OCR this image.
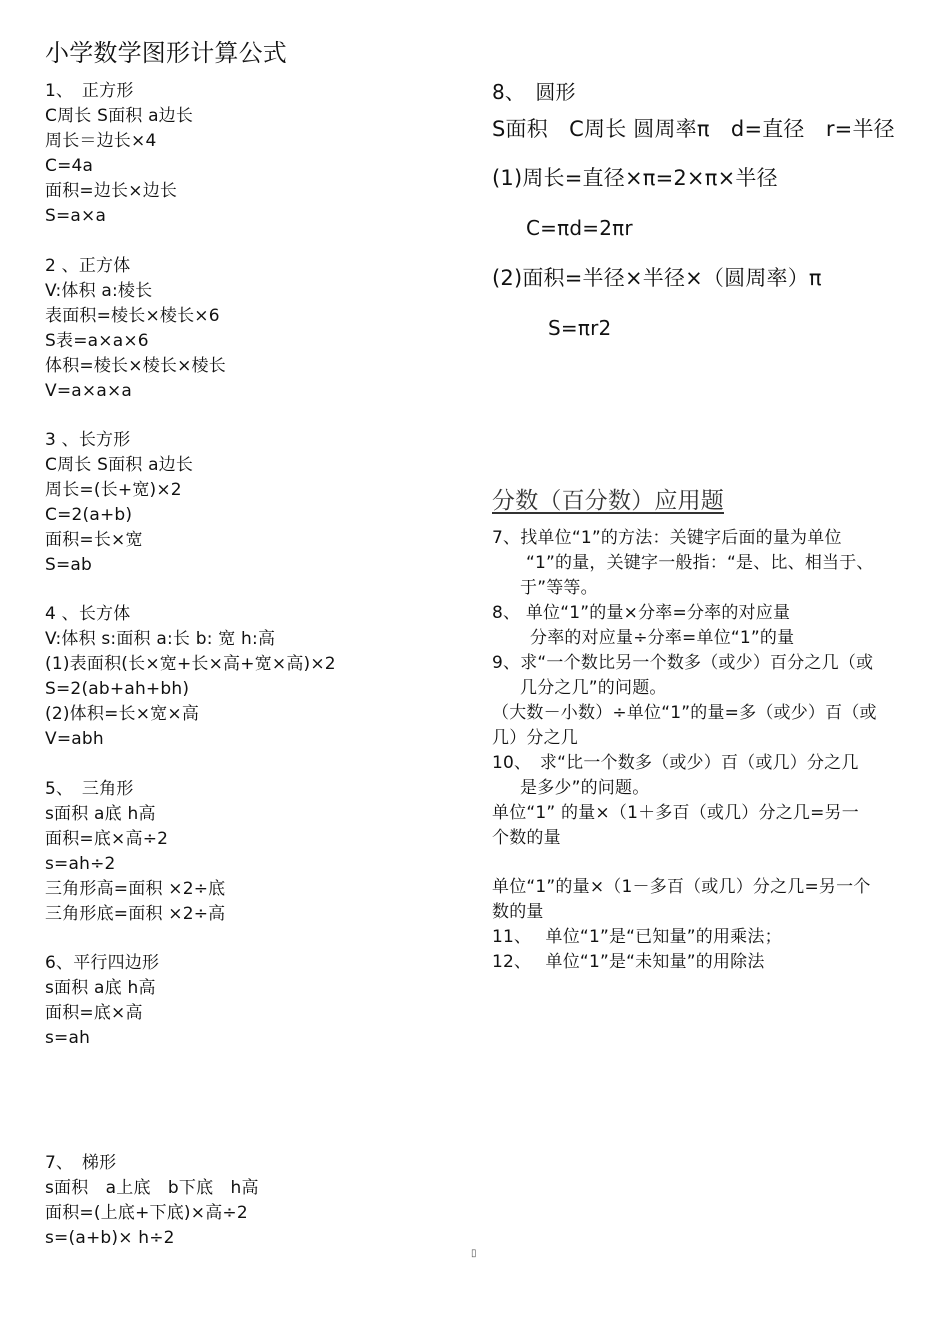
小学数学图形计算公式
1、　正方形
C周长 S面积 a边长
周长＝边长×4
C=4a
面积=边长×边长
S=a×a
2 、正方体
V:体积 a:棱长
表面积=棱长×棱长×6
S表=a×a×6
体积=棱长×棱长×棱长
V=a×a×a
3 、长方形
C周长 S面积 a边长
周长=(长+宽)×2
C=2(a+b)
面积=长×宽
S=ab
4 、长方体
V:体积 s:面积 a:长 b: 宽 h:高
(1)表面积(长×宽+长×高+宽×高)×2
S=2(ab+ah+bh)
(2)体积=长×宽×高
V=abh
5、　三角形
s面积 a底 h高
面积=底×高÷2
s=ah÷2
三角形高=面积 ×2÷底
三角形底=面积 ×2÷高
6、平行四边形
s面积 a底 h高
面积=底×高
s=ah
7、　梯形
s面积　a上底　b下底　h高
面积=(上底+下底)×高÷2
s=(a+b)× h÷2
8、　圆形
S面积　C周长 圆周率π　d=直径　r=半径
(1)周长=直径×π=2×π×半径
C=πd=2πr
(2)面积=半径×半径×（圆周率）π
S=πr2
分数（百分数）应用题
7、找单位“1”的方法：关键字后面的量为单位
“1”的量，关键字一般指：“是、比、相当于、
于”等等。
8、 单位“1”的量×分率=分率的对应量
分率的对应量÷分率=单位“1”的量
9、求“一个数比另一个数多（或少）百分之几（或
几分之几”的问题。
（大数－小数）÷单位“1”的量=多（或少）百（或
几）分之几
10、　求“比一个数多（或少）百（或几）分之几
是多少”的问题。
单位“1” 的量×（1＋多百（或几）分之几=另一
个数的量
单位“1”的量×（1－多百（或几）分之几=另一个
数的量
11、　 单位“1”是“已知量”的用乘法；
12、　 单位“1”是“未知量”的用除法
▯
